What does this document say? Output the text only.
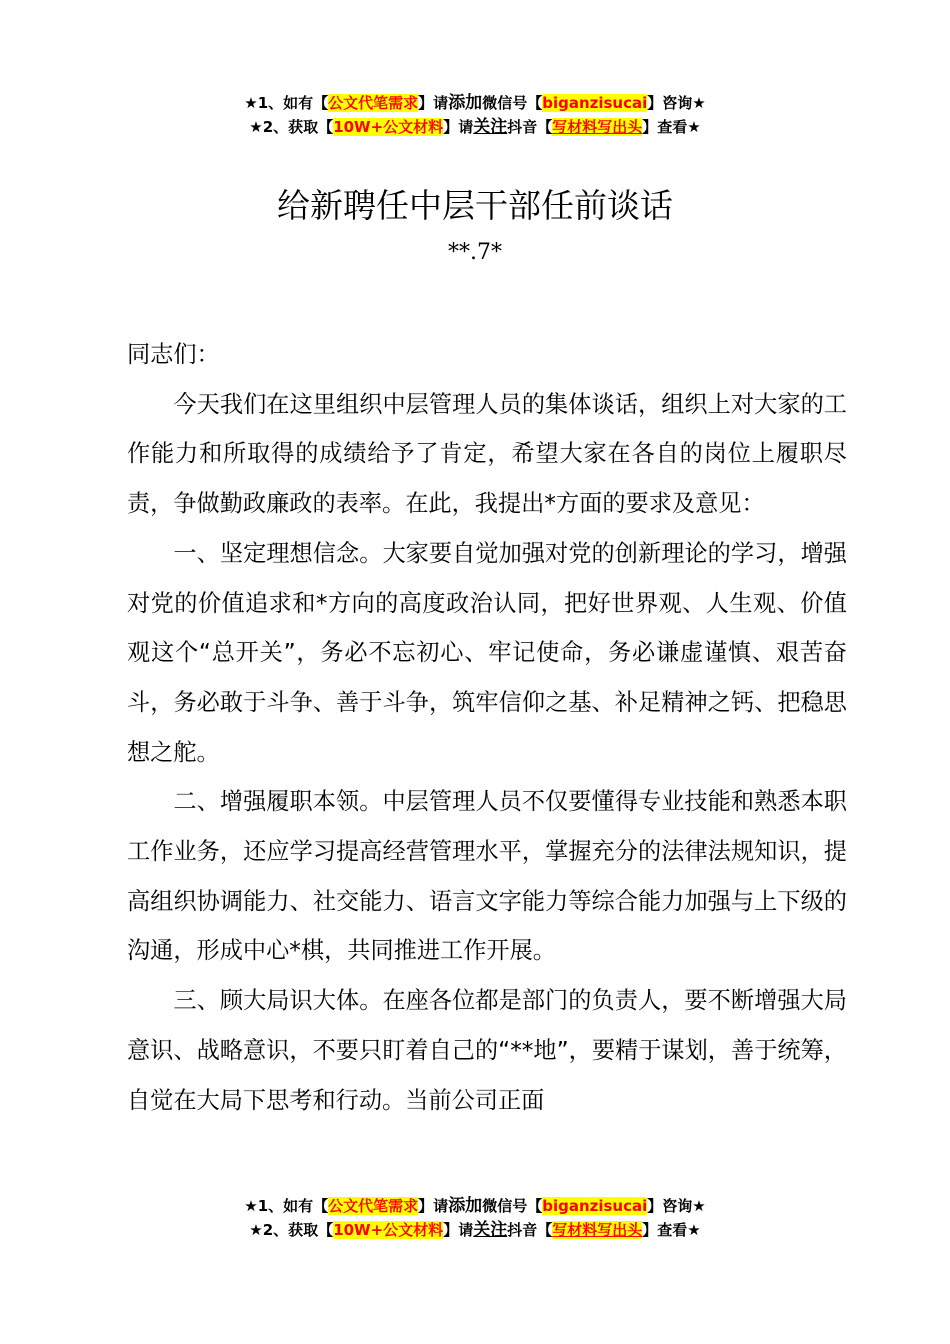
★1、如有【公文代笔需求】请添加微信号【biganzisucai】咨询★
★2、获取【10W+公文材料】请关注抖音【写材料写出头】查看★
给新聘任中层干部任前谈话
**.7*

同志们：

今天我们在这里组织中层管理人员的集体谈话，组织上对大家的工作能力和所取得的成绩给予了肯定，希望大家在各自的岗位上履职尽责，争做勤政廉政的表率。在此，我提出*方面的要求及意见：

一、坚定理想信念。大家要自觉加强对党的创新理论的学习，增强对党的价值追求和*方向的高度政治认同，把好世界观、人生观、价值观这个“总开关”，务必不忘初心、牢记使命，务必谦虚谨慎、艰苦奋斗，务必敢于斗争、善于斗争，筑牢信仰之基、补足精神之钙、把稳思想之舵。

二、增强履职本领。中层管理人员不仅要懂得专业技能和熟悉本职工作业务，还应学习提高经营管理水平，掌握充分的法律法规知识，提高组织协调能力、社交能力、语言文字能力等综合能力加强与上下级的沟通，形成中心*棋，共同推进工作开展。

三、顾大局识大体。在座各位都是部门的负责人，要不断增强大局意识、战略意识，不要只盯着自己的“**地”，要精于谋划，善于统筹，自觉在大局下思考和行动。当前公司正面

★1、如有【公文代笔需求】请添加微信号【biganzisucai】咨询★
★2、获取【10W+公文材料】请关注抖音【写材料写出头】查看★
